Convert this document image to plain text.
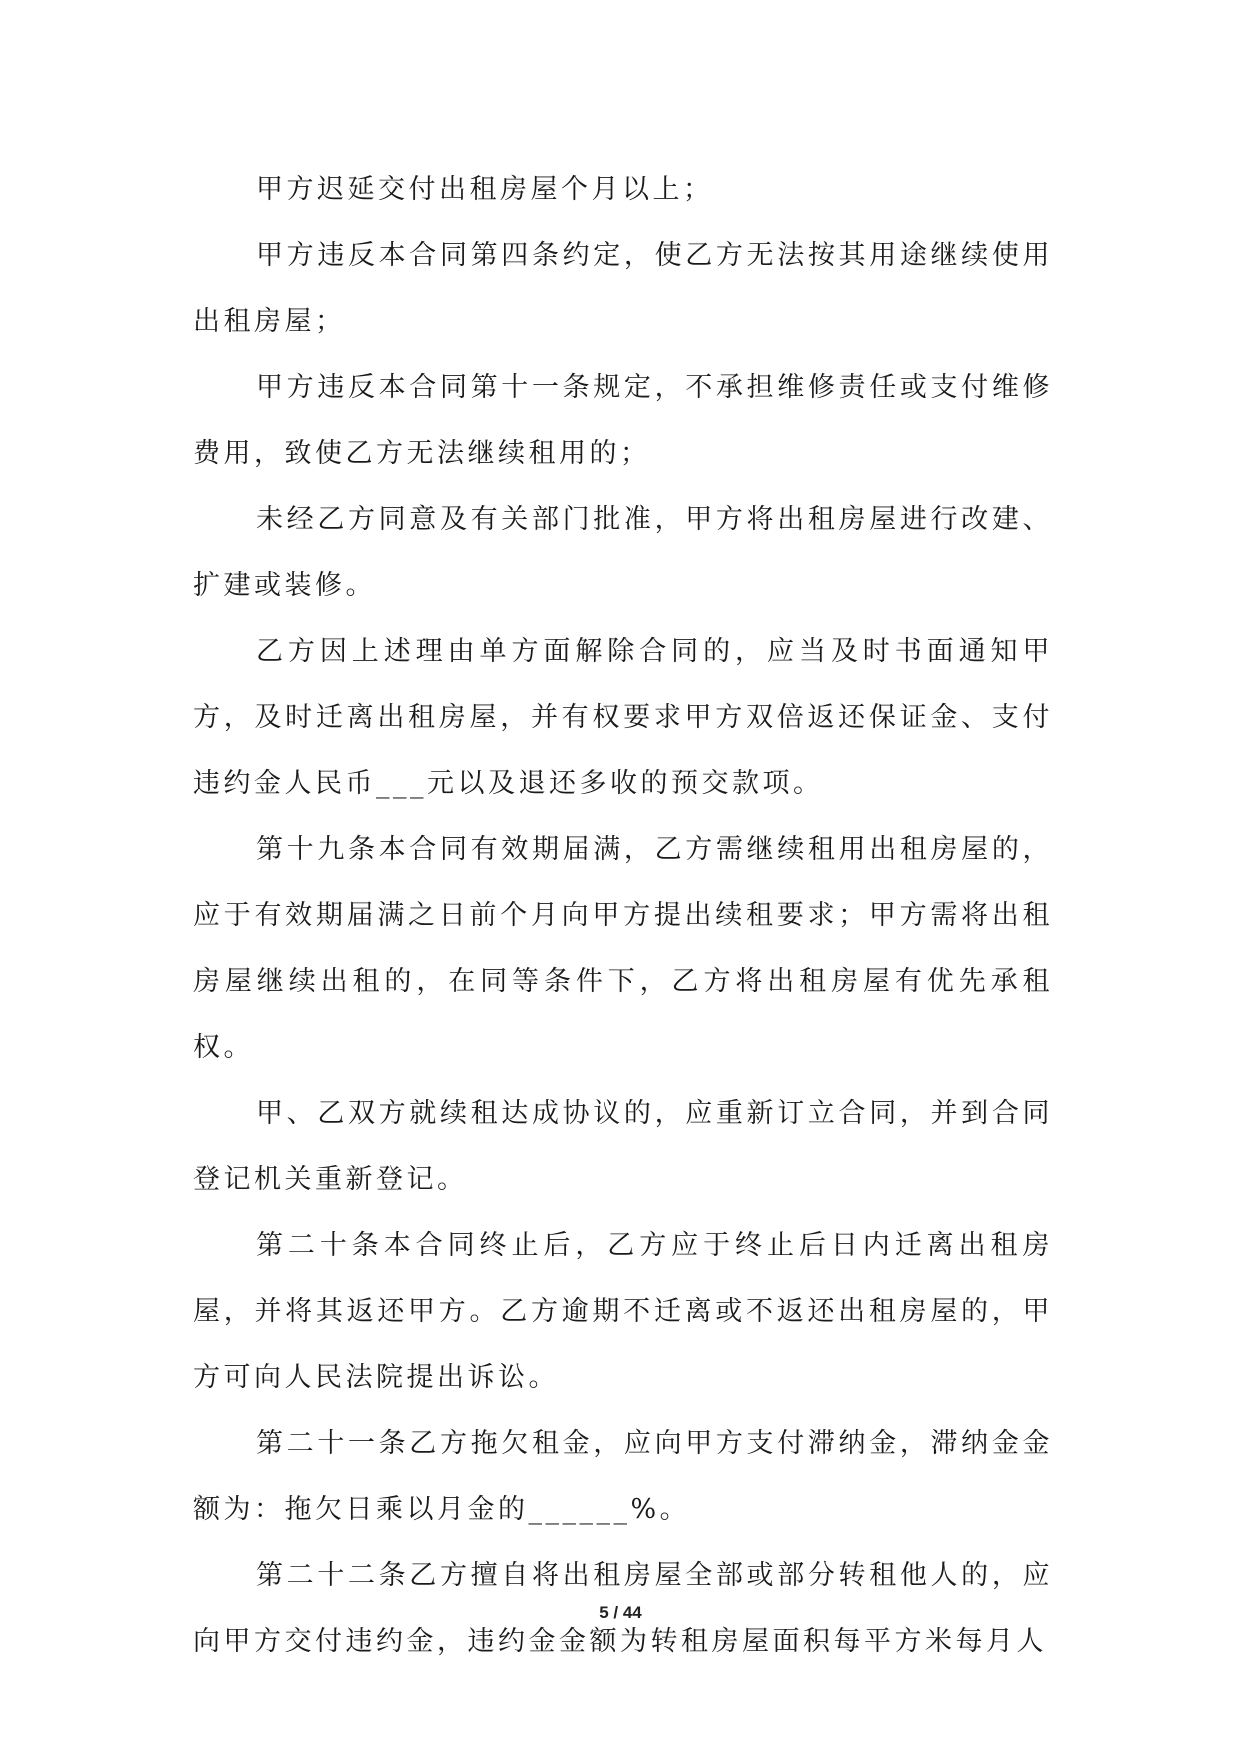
甲方迟延交付出租房屋个月以上；

甲方违反本合同第四条约定，使乙方无法按其用途继续使用出租房屋；

甲方违反本合同第十一条规定，不承担维修责任或支付维修费用，致使乙方无法继续租用的；

未经乙方同意及有关部门批准，甲方将出租房屋进行改建、扩建或装修。

乙方因上述理由单方面解除合同的，应当及时书面通知甲方，及时迁离出租房屋，并有权要求甲方双倍返还保证金、支付违约金人民币___元以及退还多收的预交款项。

第十九条本合同有效期届满，乙方需继续租用出租房屋的，应于有效期届满之日前个月向甲方提出续租要求；甲方需将出租房屋继续出租的，在同等条件下，乙方将出租房屋有优先承租权。

甲、乙双方就续租达成协议的，应重新订立合同，并到合同登记机关重新登记。

第二十条本合同终止后，乙方应于终止后日内迁离出租房屋，并将其返还甲方。乙方逾期不迁离或不返还出租房屋的，甲方可向人民法院提出诉讼。

第二十一条乙方拖欠租金，应向甲方支付滞纳金，滞纳金金额为：拖欠日乘以月金的______%。

第二十二条乙方擅自将出租房屋全部或部分转租他人的，应向甲方交付违约金，违约金金额为转租房屋面积每平方米每月人

5 / 44
